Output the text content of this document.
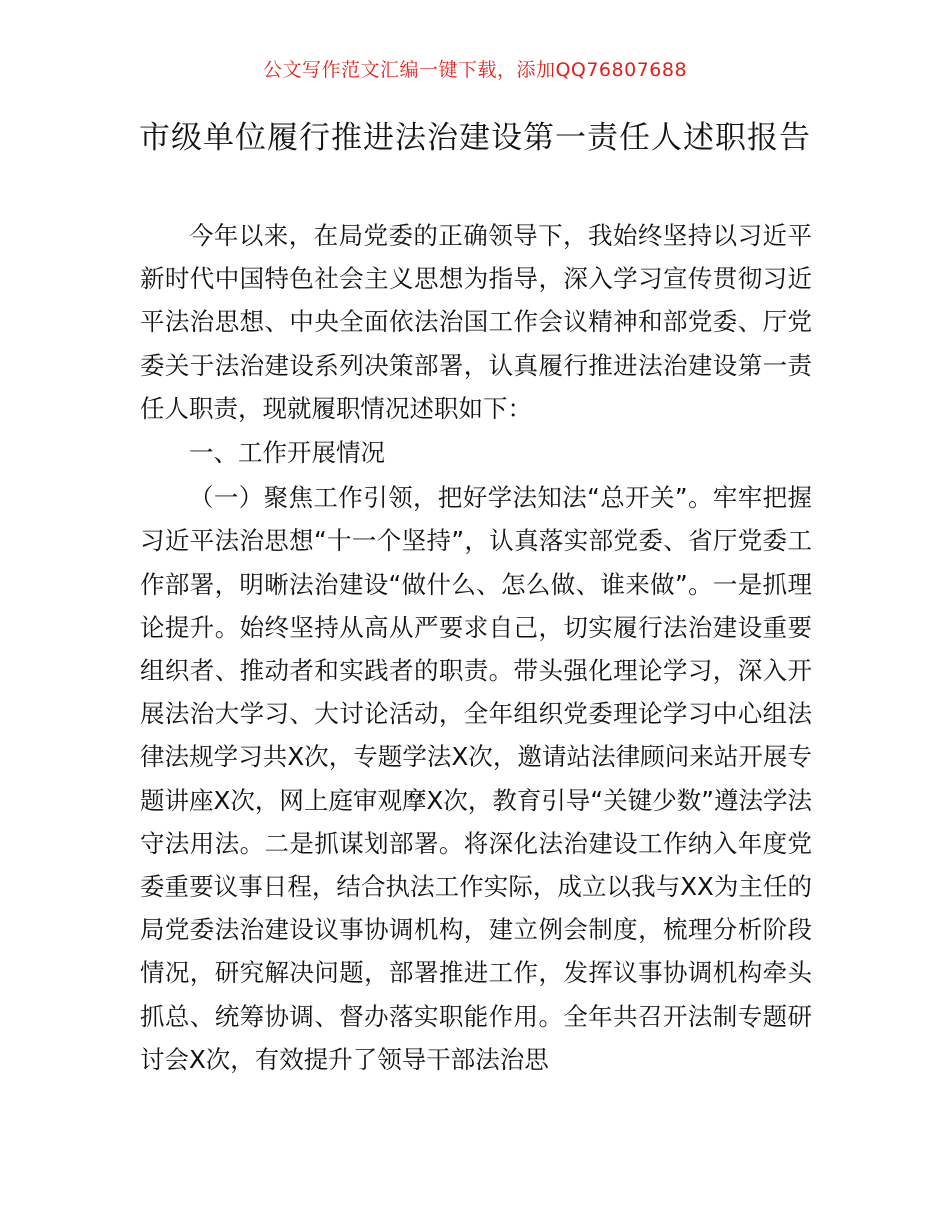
公文写作范文汇编一键下载，添加QQ76807688
市级单位履行推进法治建设第一责任人述职报告

今年以来，在局党委的正确领导下，我始终坚持以习近平新时代中国特色社会主义思想为指导，深入学习宣传贯彻习近平法治思想、中央全面依法治国工作会议精神和部党委、厅党委关于法治建设系列决策部署，认真履行推进法治建设第一责任人职责，现就履职情况述职如下：

一、工作开展情况

（一）聚焦工作引领，把好学法知法“总开关”。牢牢把握习近平法治思想“十一个坚持”，认真落实部党委、省厅党委工作部署，明晰法治建设“做什么、怎么做、谁来做”。一是抓理论提升。始终坚持从高从严要求自己，切实履行法治建设重要组织者、推动者和实践者的职责。带头强化理论学习，深入开展法治大学习、大讨论活动，全年组织党委理论学习中心组法律法规学习共X次，专题学法X次，邀请站法律顾问来站开展专题讲座X次，网上庭审观摩X次，教育引导“关键少数”遵法学法守法用法。二是抓谋划部署。将深化法治建设工作纳入年度党委重要议事日程，结合执法工作实际，成立以我与XX为主任的局党委法治建设议事协调机构，建立例会制度，梳理分析阶段情况，研究解决问题，部署推进工作，发挥议事协调机构牵头抓总、统筹协调、督办落实职能作用。全年共召开法制专题研讨会X次，有效提升了领导干部法治思
